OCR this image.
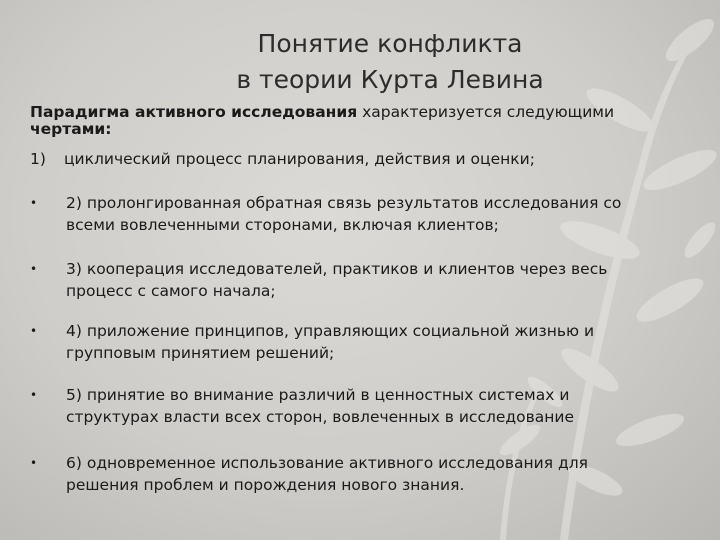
Понятие конфликта
в теории Курта Левина
Парадигма активного исследования характеризуется следующими
чертами:
1) циклический процесс планирования, действия и оценки;
•	2) пролонгированная обратная связь результатов исследования со
всеми вовлеченными сторонами, включая клиентов;
•	3) кооперация исследователей, практиков и клиентов через весь
процесс с самого начала;
•	4) приложение принципов, управляющих социальной жизнью и
групповым принятием решений;
•	5) принятие во внимание различий в ценностных системах и
структурах власти всех сторон, вовлеченных в исследование
•	6) одновременное использование активного исследования для
решения проблем и порождения нового знания.
